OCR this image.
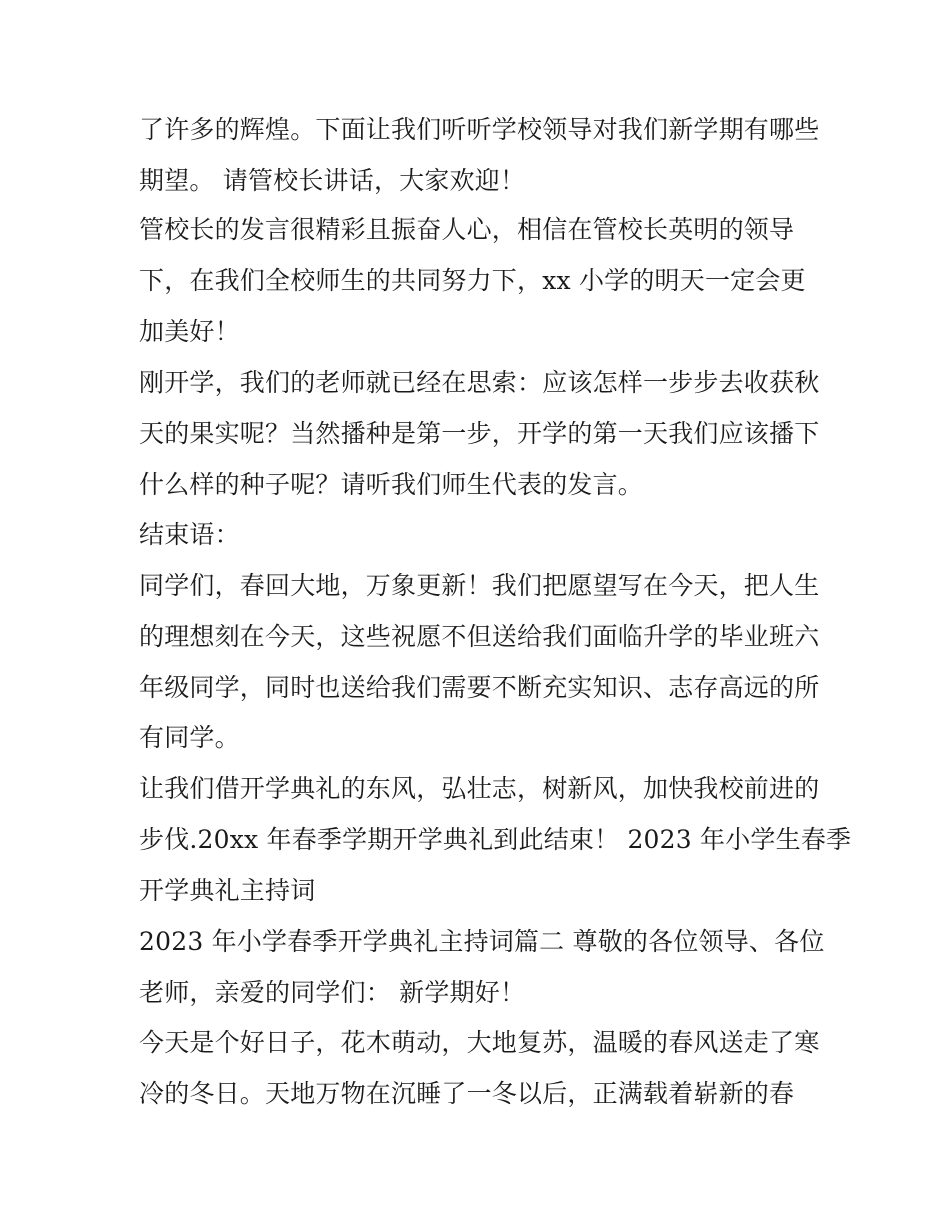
了许多的辉煌。下面让我们听听学校领导对我们新学期有哪些
期望。 请管校长讲话，大家欢迎！
管校长的发言很精彩且振奋人心，相信在管校长英明的领导
下，在我们全校师生的共同努力下，xx 小学的明天一定会更
加美好！
刚开学，我们的老师就已经在思索：应该怎样一步步去收获秋
天的果实呢？当然播种是第一步，开学的第一天我们应该播下
什么样的种子呢？请听我们师生代表的发言。
结束语：
同学们，春回大地，万象更新！我们把愿望写在今天，把人生
的理想刻在今天，这些祝愿不但送给我们面临升学的毕业班六
年级同学，同时也送给我们需要不断充实知识、志存高远的所
有同学。
让我们借开学典礼的东风，弘壮志，树新风，加快我校前进的
步伐.20xx 年春季学期开学典礼到此结束！ 2023 年小学生春季
开学典礼主持词
2023 年小学春季开学典礼主持词篇二 尊敬的各位领导、各位
老师，亲爱的同学们： 新学期好！
今天是个好日子，花木萌动，大地复苏，温暖的春风送走了寒
冷的冬日。天地万物在沉睡了一冬以后，正满载着崭新的春
